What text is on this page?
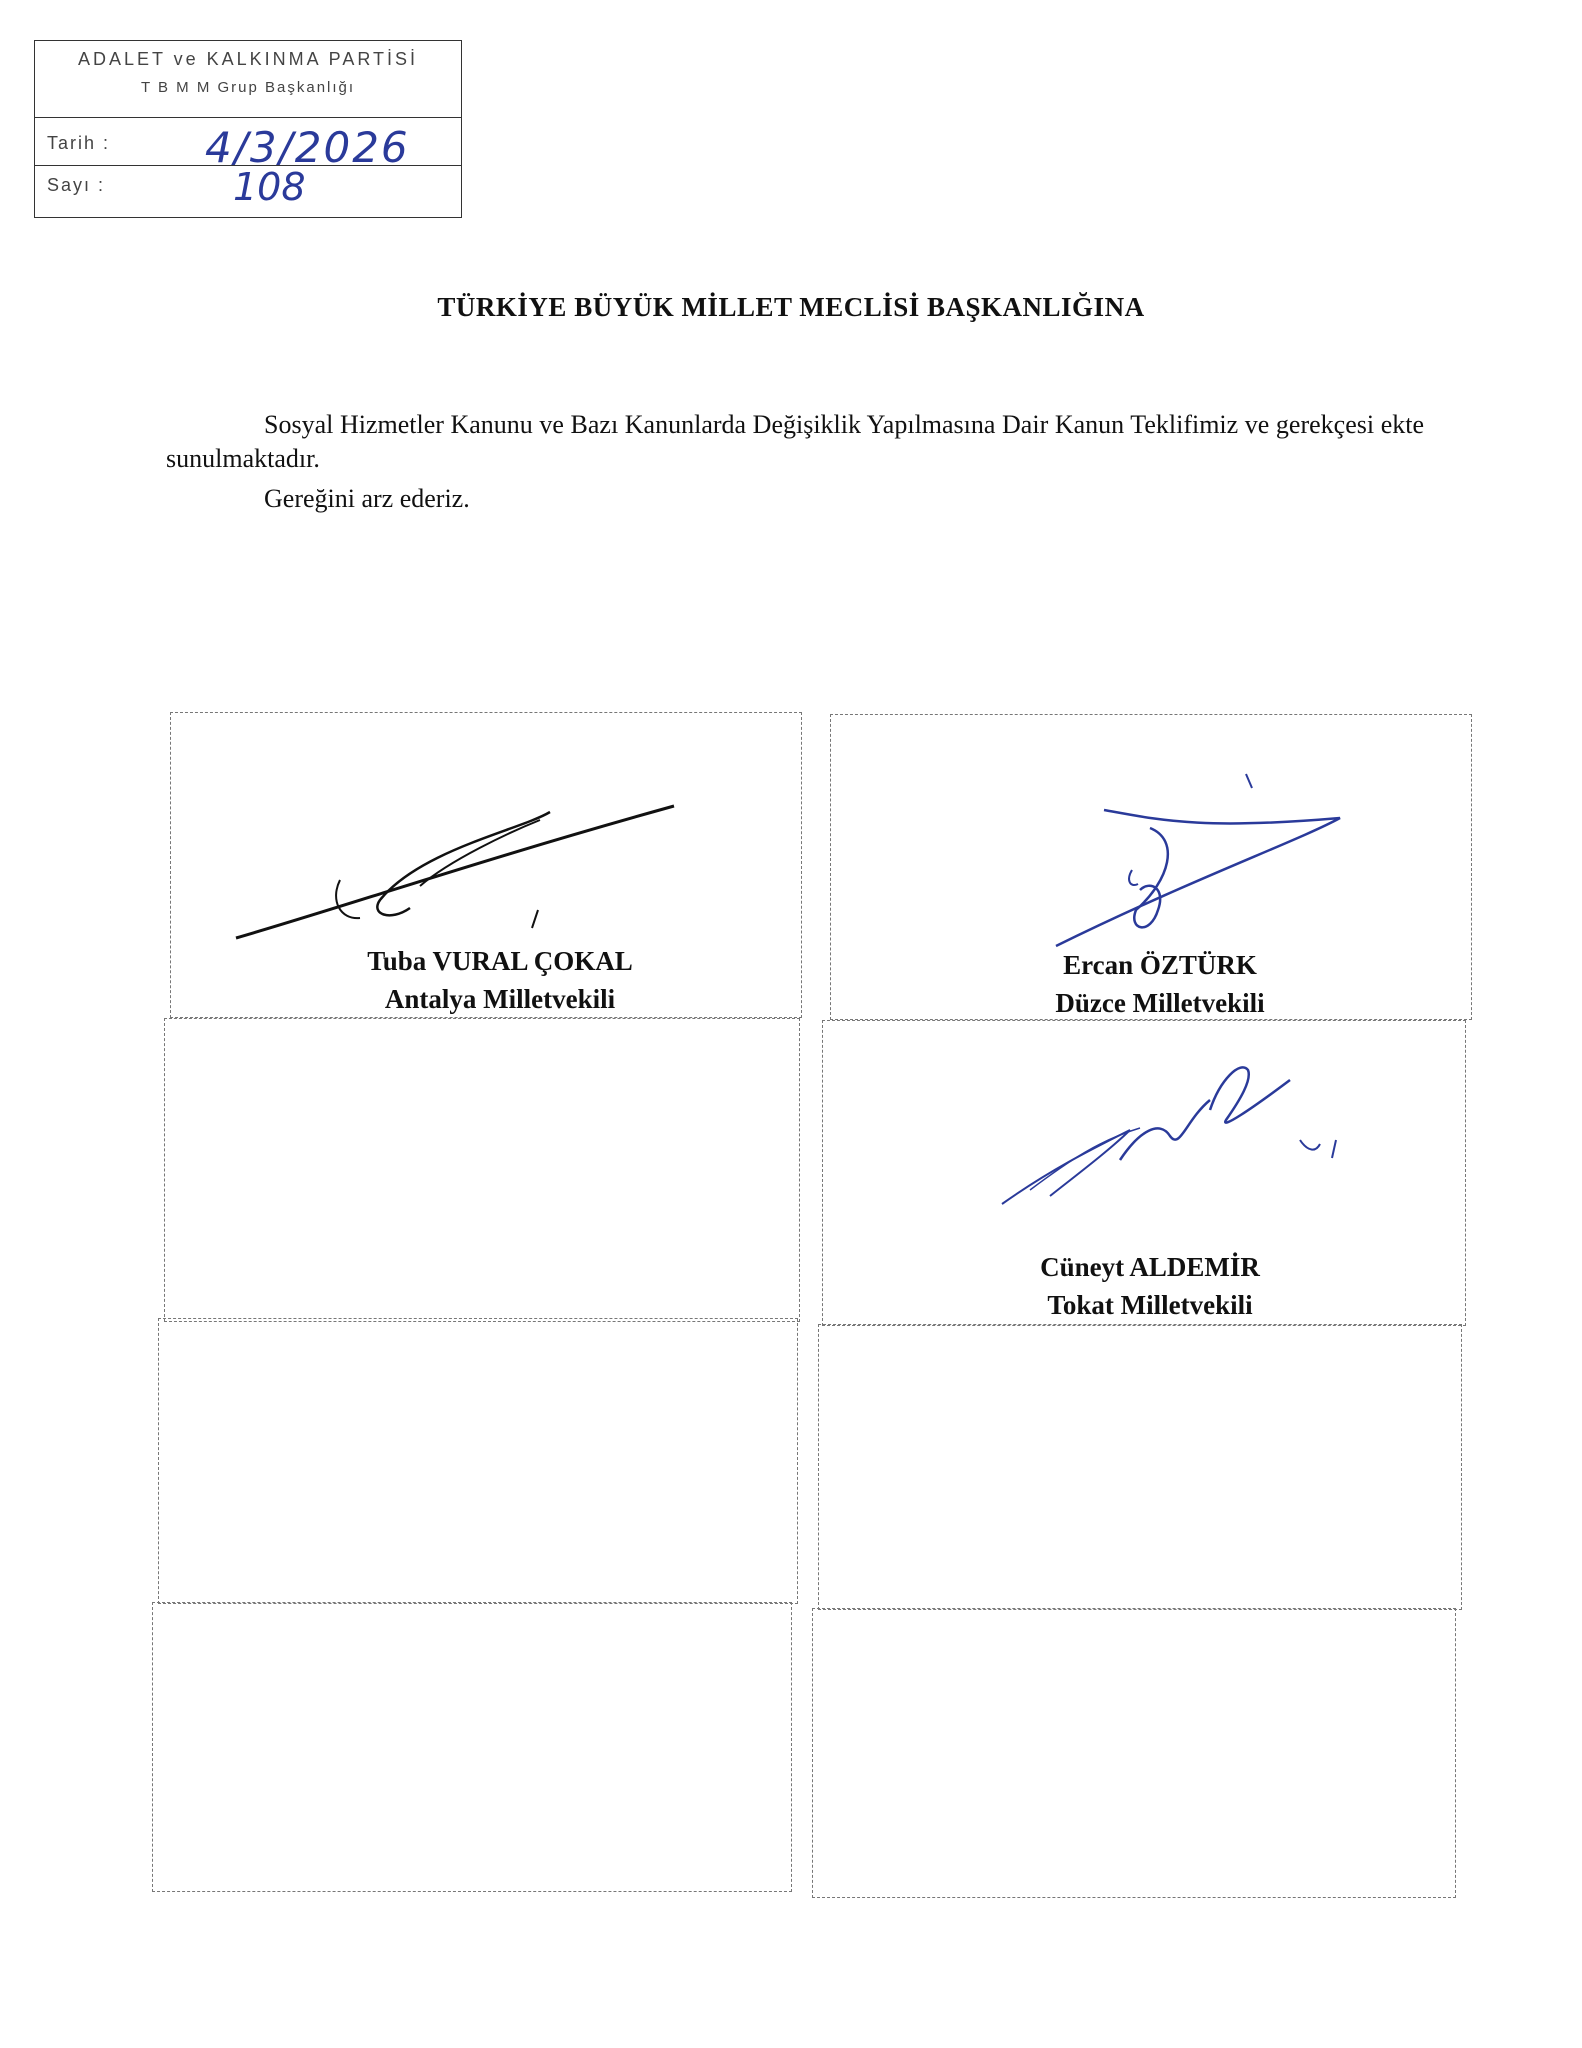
ADALET ve KALKINMA PARTİSİ
T B M M Grup Başkanlığı
Tarih : 4/3/2026
Sayı :	108
TÜRKİYE BÜYÜK MİLLET MECLİSİ BAŞKANLIĞINA
Sosyal Hizmetler Kanunu ve Bazı Kanunlarda Değişiklik Yapılmasına Dair Kanun Teklifimiz ve gerekçesi ekte sunulmaktadır.
Gereğini arz ederiz.
Tuba VURAL ÇOKAL
Antalya Milletvekili
Ercan ÖZTÜRK
Düzce Milletvekili
Cüneyt ALDEMİR
Tokat Milletvekili
